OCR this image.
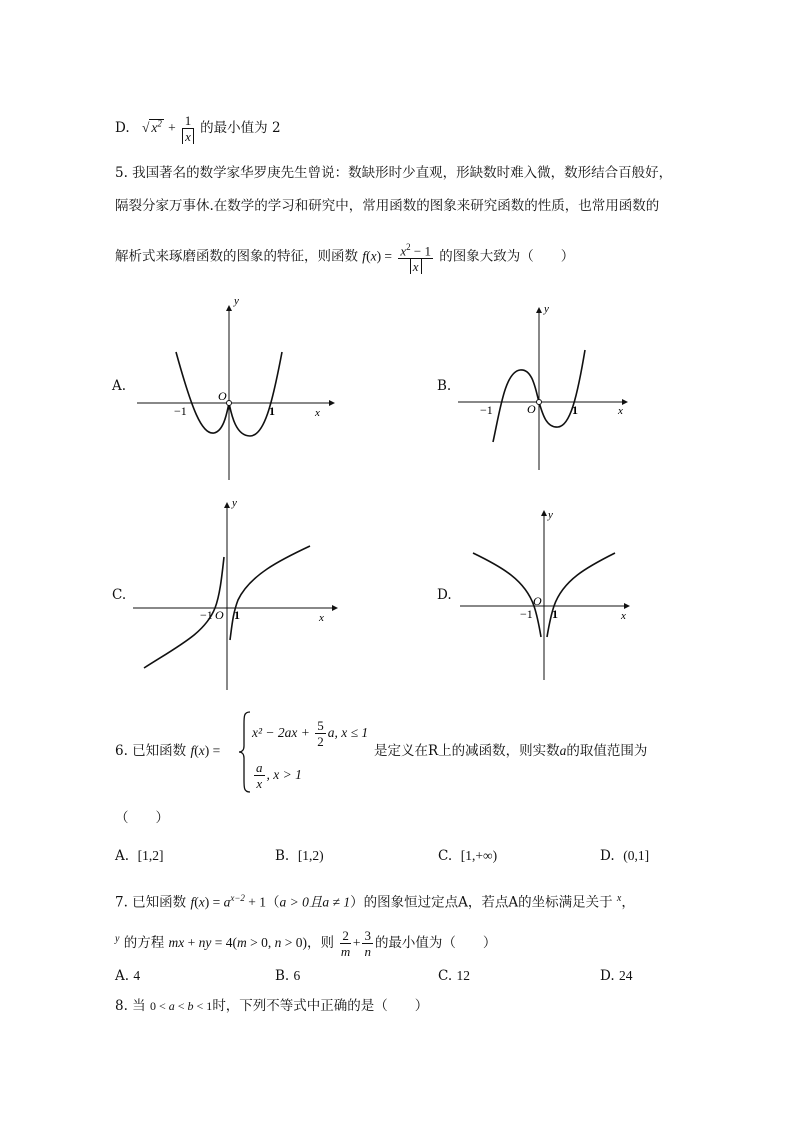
D. √ $x^2 + \frac{1}{x}$ 的最小值为 2
5. 我国著名的数学家华罗庚先生曾说：数缺形时少直观，形缺数时难入微，数形结合百般好，
隔裂分家万事休.在数学的学习和研究中，常用函数的图象来研究函数的性质，也常用函数的
解析式来琢磨函数的图象的特征，则函数 $f(x) = \frac{x^2 - 1}{x}$ 的图象大致为（　　）
A.
y
x
O
−1	1
B.
y
x
O
−1	1
C.
y
x
O
−1 1
D.
y
x
O
−1 1
6. 已知函数 f(x) =
$x^2 - 2ax + \frac{5}{2} a$, x ≤ 1
$\frac{a}{x}$ , x > 1
是定义在R上的减函数，则实数a的取值范围为
（　　）
A. [1,2]	B. [1,2)	C. [1,+∞)	D. (0,1]
7. 已知函数 $f(x) = a^{x-2} + 1(a > 0$且a ≠ 1）的图象恒过定点A，若点A的坐标满足关于 $^x$，
$^y$ 的方程 mx + ny = 4(m > 0, n > 0)，则 $\frac{2}{m} + \frac{3}{n}$ 的最小值为（　　）
A. 4	B. 6	C. 12	D. 24
8. 当 0 < a < b < 1时，下列不等式中正确的是（　　）
